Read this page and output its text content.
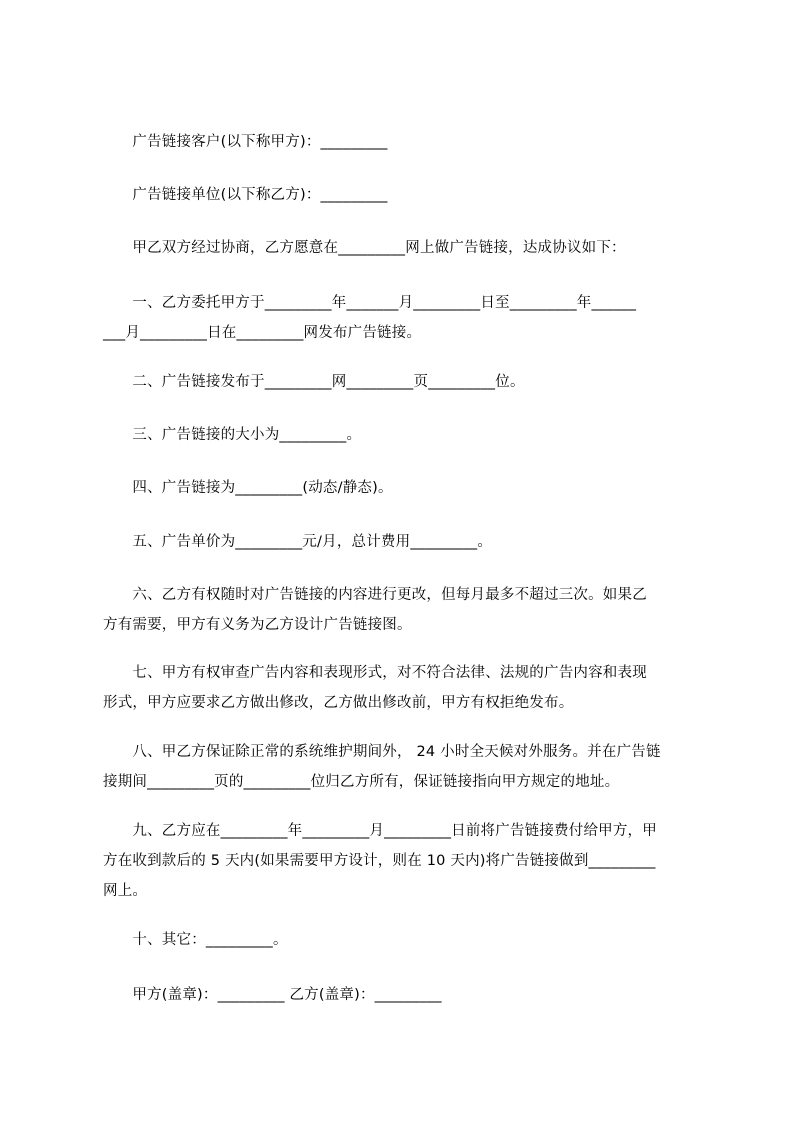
　　广告链接客户(以下称甲方)：_________
　　广告链接单位(以下称乙方)：_________
　　甲乙双方经过协商，乙方愿意在_________网上做广告链接，达成协议如下：
　　一、乙方委托甲方于_________年_______月_________日至_________年______
___月_________日在_________网发布广告链接。
　　二、广告链接发布于_________网_________页_________位。
　　三、广告链接的大小为_________。
　　四、广告链接为_________(动态/静态)。
　　五、广告单价为_________元/月，总计费用_________。
　　六、乙方有权随时对广告链接的内容进行更改，但每月最多不超过三次。如果乙
方有需要，甲方有义务为乙方设计广告链接图。
　　七、甲方有权审查广告内容和表现形式，对不符合法律、法规的广告内容和表现
形式，甲方应要求乙方做出修改，乙方做出修改前，甲方有权拒绝发布。
　　八、甲乙方保证除正常的系统维护期间外， 24 小时全天候对外服务。并在广告链
接期间_________页的_________位归乙方所有，保证链接指向甲方规定的地址。
　　九、乙方应在_________年_________月_________日前将广告链接费付给甲方，甲
方在收到款后的 5 天内(如果需要甲方设计，则在 10 天内)将广告链接做到_________
网上。
　　十、其它：_________。
　　甲方(盖章)：_________ 乙方(盖章)：_________
